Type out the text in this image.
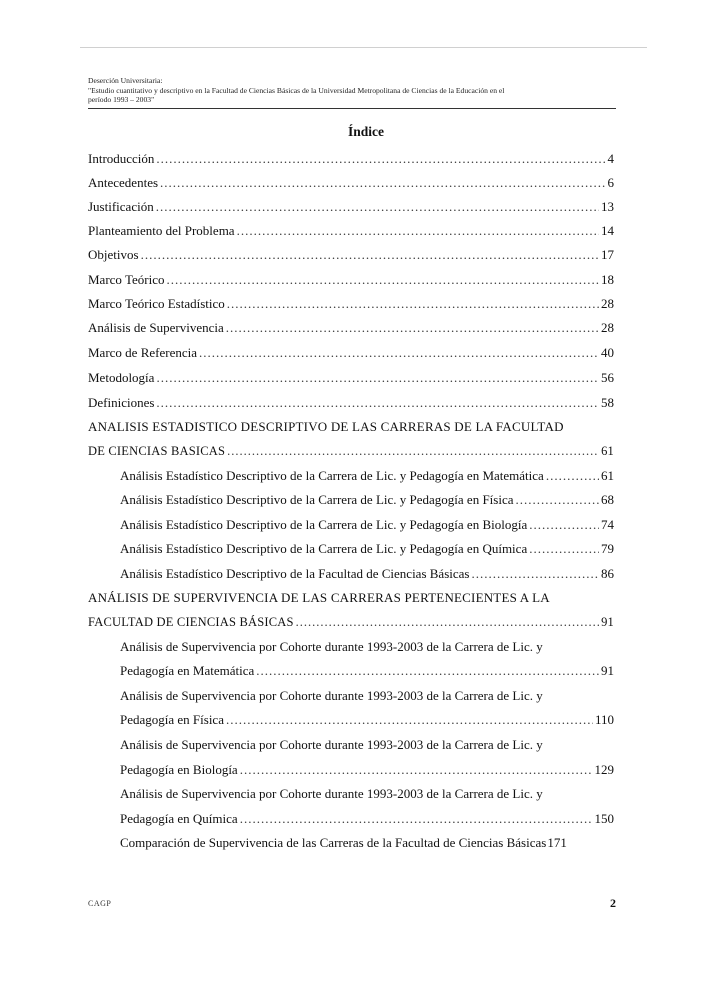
Deserción Universitaria:
"Estudio cuantitativo y descriptivo en la Facultad de Ciencias Básicas de la Universidad Metropolitana de Ciencias de la Educación en el
período 1993 – 2003"
Índice
Introducción .....	4
Antecedentes .....	6
Justificación .....	13
Planteamiento del Problema .....	14
Objetivos .....	17
Marco Teórico .....	18
Marco Teórico Estadístico .....	28
Análisis de Supervivencia .....	28
Marco de Referencia .....	40
Metodología .....	56
Definiciones .....	58
ANALISIS ESTADISTICO DESCRIPTIVO DE LAS CARRERAS DE LA FACULTAD
DE CIENCIAS BASICAS .....	61
Análisis Estadístico Descriptivo de la Carrera de Lic. y Pedagogía en Matemática .....	61
Análisis Estadístico Descriptivo de la Carrera de Lic. y Pedagogía en Física .....	68
Análisis Estadístico Descriptivo de la Carrera de Lic. y Pedagogía en Biología .....	74
Análisis Estadístico Descriptivo de la Carrera de Lic. y Pedagogía en Química .....	79
Análisis Estadístico Descriptivo de la Facultad de Ciencias Básicas .....	86
ANÁLISIS DE SUPERVIVENCIA DE LAS CARRERAS PERTENECIENTES A LA
FACULTAD DE CIENCIAS BÁSICAS .....	91
Análisis de Supervivencia por Cohorte durante 1993-2003 de la Carrera de Lic. y
Pedagogía en Matemática .....	91
Análisis de Supervivencia por Cohorte durante 1993-2003 de la Carrera de Lic. y
Pedagogía en Física .....	110
Análisis de Supervivencia por Cohorte durante 1993-2003 de la Carrera de Lic. y
Pedagogía en Biología .....	129
Análisis de Supervivencia por Cohorte durante 1993-2003 de la Carrera de Lic. y
Pedagogía en Química .....	150
Comparación de Supervivencia de las Carreras de la Facultad de Ciencias Básicas 171
CAGP	2
